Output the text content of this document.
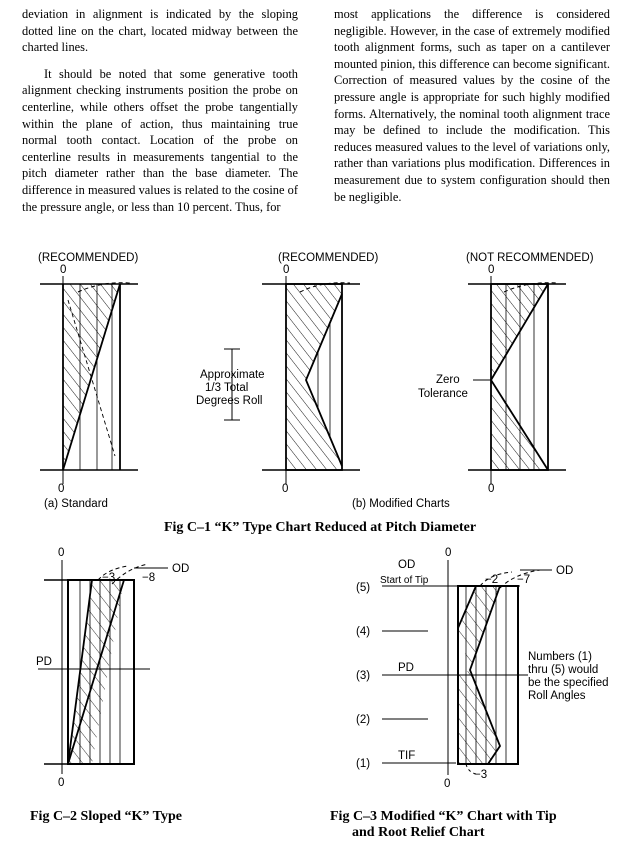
deviation in alignment is indicated by the sloping dotted line on the chart, located midway between the charted lines.

It should be noted that some generative tooth alignment checking instruments position the probe on centerline, while others offset the probe tangentially within the plane of action, thus maintaining true normal tooth contact. Location of the probe on centerline results in measurements tangential to the pitch diameter rather than the base diameter. The difference in measured values is related to the cosine of the pressure angle, or less than 10 percent. Thus, for

most applications the difference is considered negligible. However, in the case of extremely modified tooth alignment forms, such as taper on a cantilever mounted pinion, this difference can become significant. Correction of measured values by the cosine of the pressure angle is appropriate for such highly modified forms. Alternatively, the nominal tooth alignment trace may be defined to include the modification. This reduces measured values to the level of variations only, rather than variations plus modification. Differences in measurement due to system configuration should then be negligible.

(RECOMMENDED)	(RECOMMENDED)	(NOT RECOMMENDED)
0
0
0
Approximate
1/3 Total
Degrees Roll
0
0
Zero
Tolerance
0
(a) Standard	(b) Modified Charts
Fig C–1 “K” Type Chart Reduced at Pitch Diameter
0
−3 −8
OD
PD
0
Fig C–2 Sloped “K” Type
0
OD	OD
−2 −7
−3
(5)
Start of Tip
(4)
(3)
PD
(2)
(1)
TIF
Numbers (1)
thru (5) would
be the specified
Roll Angles
0
Fig C–3 Modified “K” Chart with Tip
and Root Relief Chart
